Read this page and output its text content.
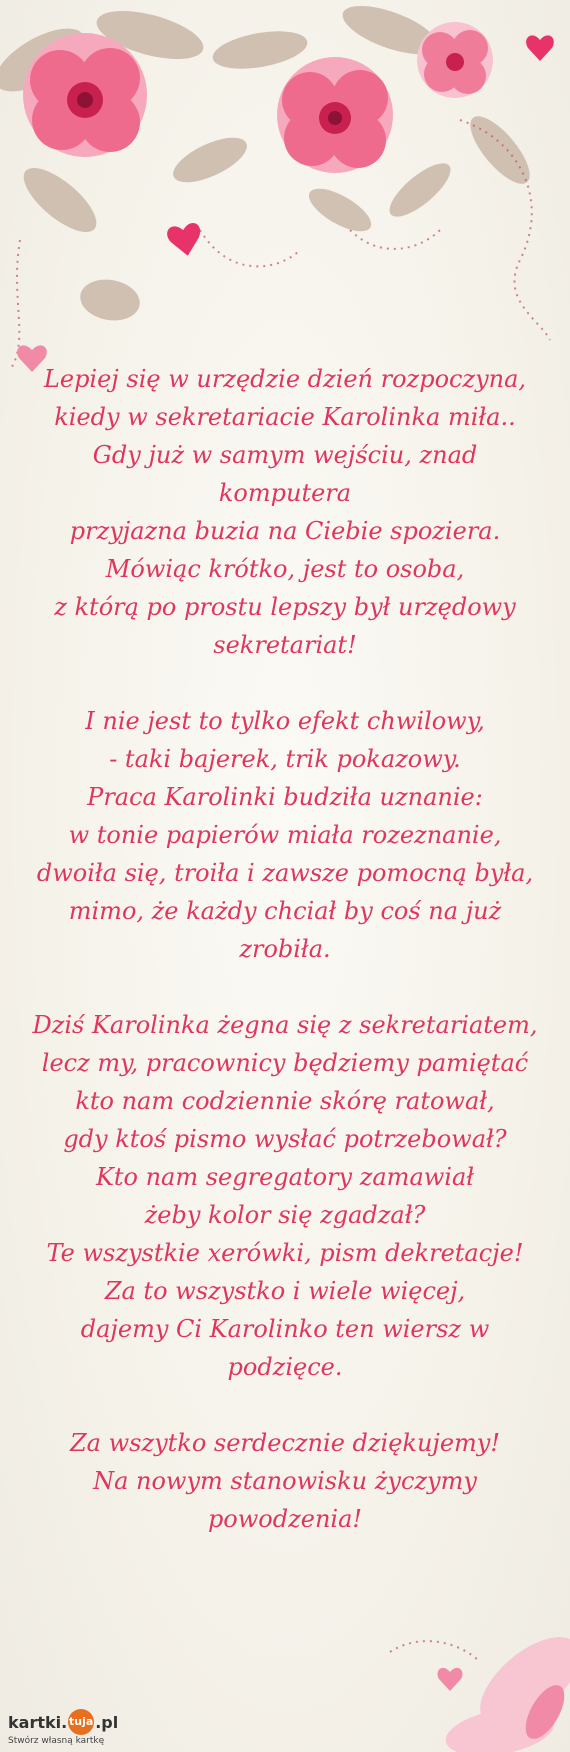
Lepiej się w urzędzie dzień rozpoczyna,
kiedy w sekretariacie Karolinka miła..
Gdy już w samym wejściu, znad
komputera
przyjazna buzia na Ciebie spoziera.
Mówiąc krótko, jest to osoba,
z którą po prostu lepszy był urzędowy
sekretariat!
I nie jest to tylko efekt chwilowy,
- taki bajerek, trik pokazowy.
Praca Karolinki budziła uznanie:
w tonie papierów miała rozeznanie,
dwoiła się, troiła i zawsze pomocną była,
mimo, że każdy chciał by coś na już
zrobiła.
Dziś Karolinka żegna się z sekretariatem,
lecz my, pracownicy będziemy pamiętać
kto nam codziennie skórę ratował,
gdy ktoś pismo wysłać potrzebował?
Kto nam segregatory zamawiał
żeby kolor się zgadzał?
Te wszystkie xerówki, pism dekretacje!
Za to wszystko i wiele więcej,
dajemy Ci Karolinko ten wiersz w
podzięce.
Za wszytko serdecznie dziękujemy!
Na nowym stanowisku życzymy
powodzenia!
kartki. tuja .pl
Stwórz własną kartkę
